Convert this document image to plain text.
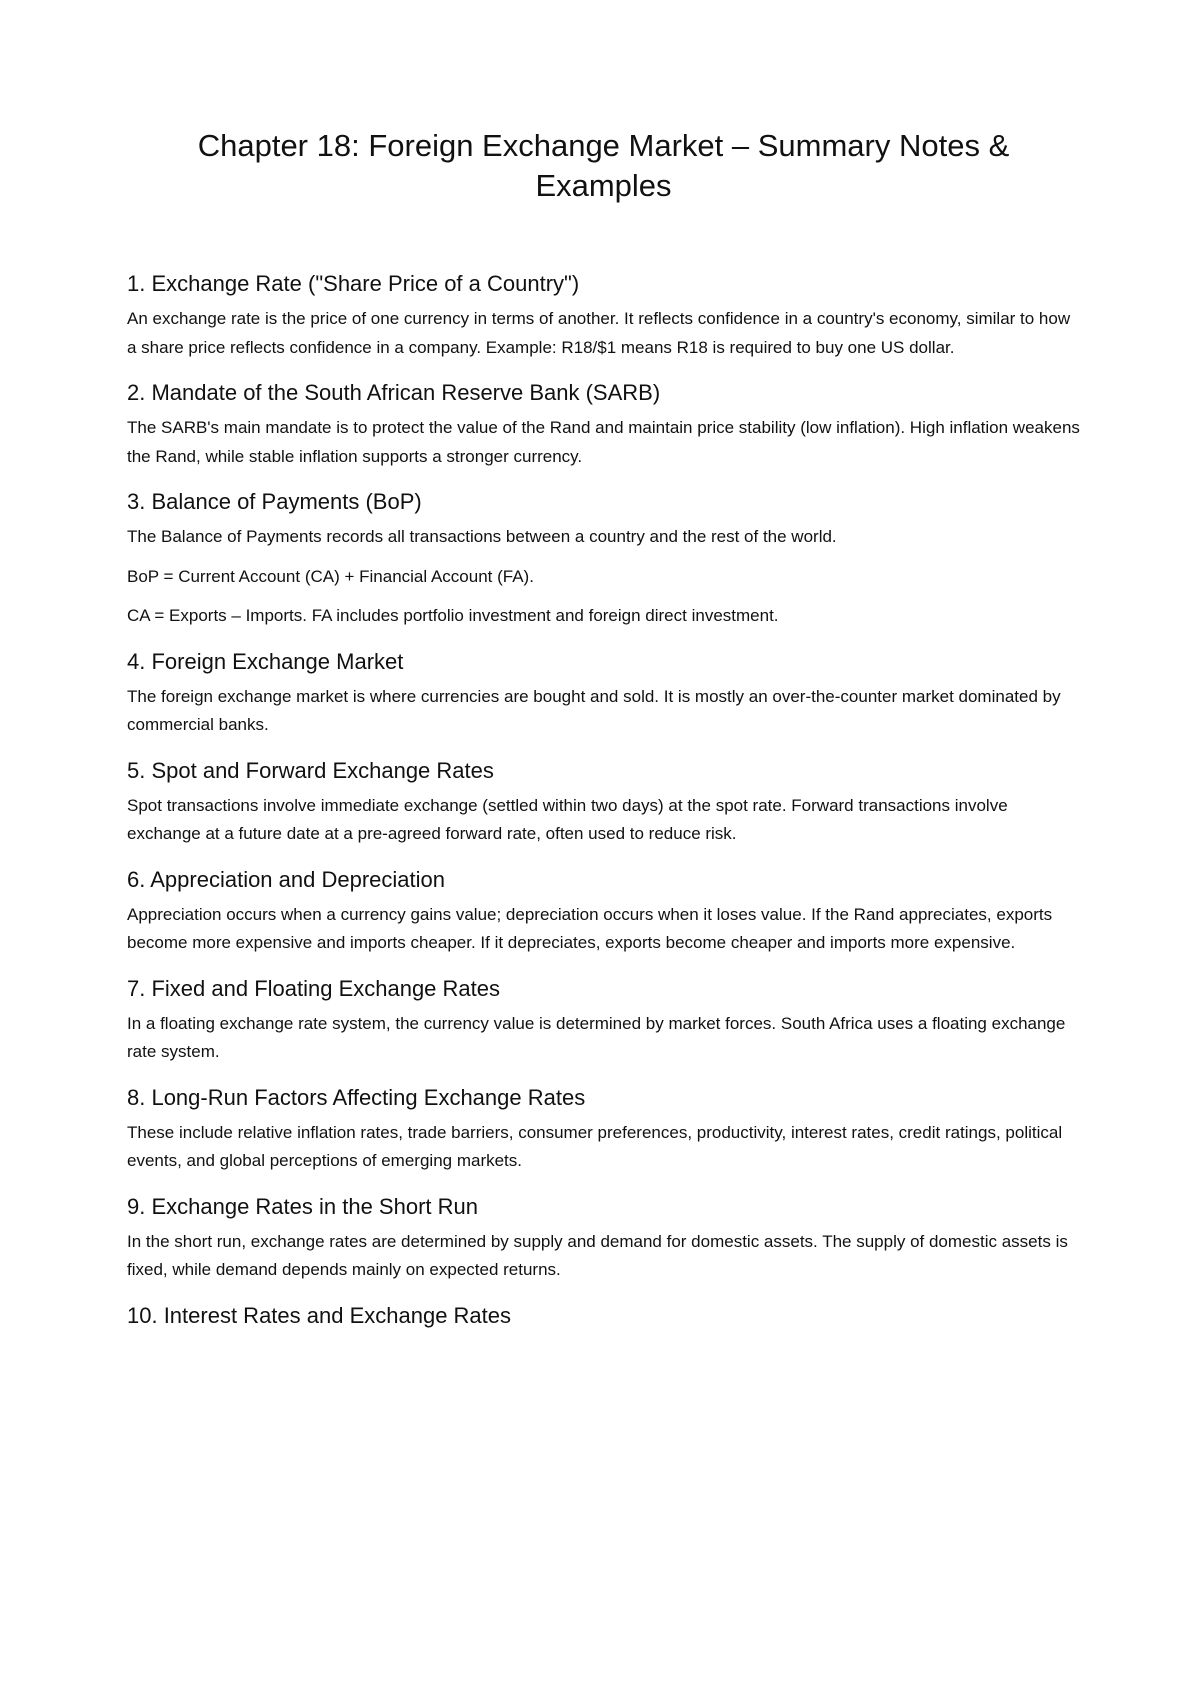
Chapter 18: Foreign Exchange Market – Summary Notes & Examples
1. Exchange Rate ("Share Price of a Country")

An exchange rate is the price of one currency in terms of another. It reflects confidence in a country's economy, similar to how a share price reflects confidence in a company. Example: R18/$1 means R18 is required to buy one US dollar.

2. Mandate of the South African Reserve Bank (SARB)

The SARB's main mandate is to protect the value of the Rand and maintain price stability (low inflation). High inflation weakens the Rand, while stable inflation supports a stronger currency.

3. Balance of Payments (BoP)

The Balance of Payments records all transactions between a country and the rest of the world.

BoP = Current Account (CA) + Financial Account (FA).

CA = Exports – Imports. FA includes portfolio investment and foreign direct investment.

4. Foreign Exchange Market

The foreign exchange market is where currencies are bought and sold. It is mostly an over-the-counter market dominated by commercial banks.

5. Spot and Forward Exchange Rates

Spot transactions involve immediate exchange (settled within two days) at the spot rate. Forward transactions involve exchange at a future date at a pre-agreed forward rate, often used to reduce risk.

6. Appreciation and Depreciation

Appreciation occurs when a currency gains value; depreciation occurs when it loses value. If the Rand appreciates, exports become more expensive and imports cheaper. If it depreciates, exports become cheaper and imports more expensive.

7. Fixed and Floating Exchange Rates

In a floating exchange rate system, the currency value is determined by market forces. South Africa uses a floating exchange rate system.

8. Long-Run Factors Affecting Exchange Rates

These include relative inflation rates, trade barriers, consumer preferences, productivity, interest rates, credit ratings, political events, and global perceptions of emerging markets.

9. Exchange Rates in the Short Run

In the short run, exchange rates are determined by supply and demand for domestic assets. The supply of domestic assets is fixed, while demand depends mainly on expected returns.

10. Interest Rates and Exchange Rates
